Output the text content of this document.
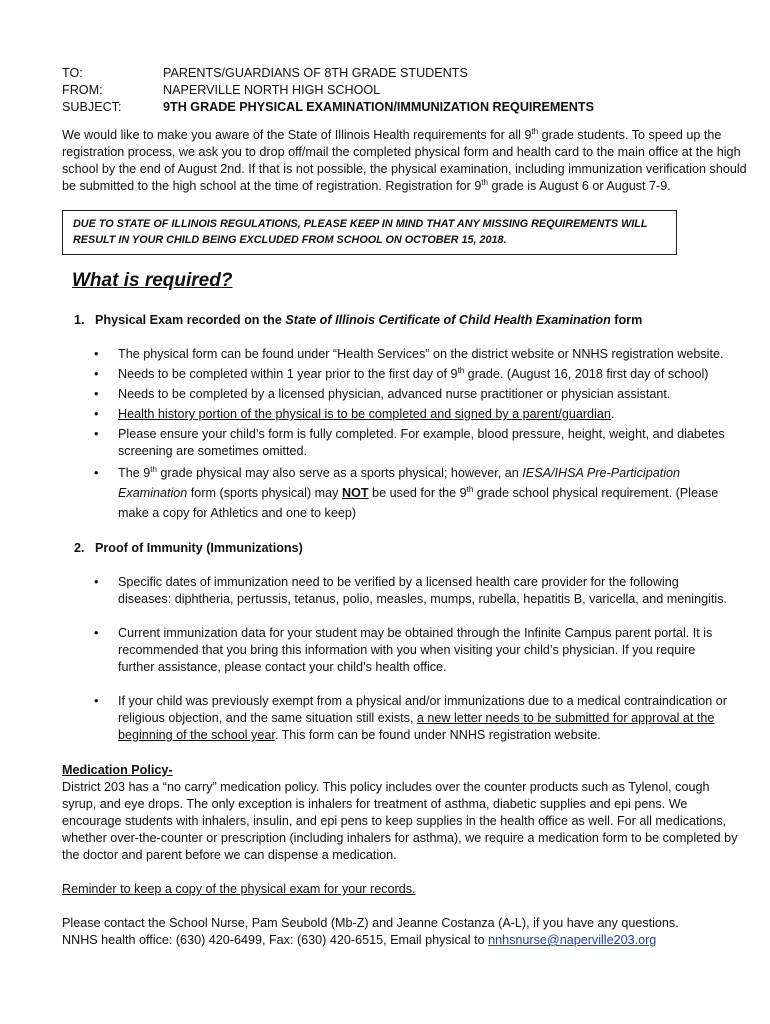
TO:	PARENTS/GUARDIANS OF 8TH GRADE STUDENTS
FROM:	NAPERVILLE NORTH HIGH SCHOOL
SUBJECT:	9TH GRADE PHYSICAL EXAMINATION/IMMUNIZATION REQUIREMENTS
We would like to make you aware of the State of Illinois Health requirements for all 9th grade students. To speed up the registration process, we ask you to drop off/mail the completed physical form and health card to the main office at the high school by the end of August 2nd. If that is not possible, the physical examination, including immunization verification should be submitted to the high school at the time of registration. Registration for 9th grade is August 6 or August 7-9.
DUE TO STATE OF ILLINOIS REGULATIONS, PLEASE KEEP IN MIND THAT ANY MISSING REQUIREMENTS WILL RESULT IN YOUR CHILD BEING EXCLUDED FROM SCHOOL ON OCTOBER 15, 2018.
What is required?
1. Physical Exam recorded on the State of Illinois Certificate of Child Health Examination form
• The physical form can be found under “Health Services” on the district website or NNHS registration website.
• Needs to be completed within 1 year prior to the first day of 9th grade. (August 16, 2018 first day of school)
• Needs to be completed by a licensed physician, advanced nurse practitioner or physician assistant.
• Health history portion of the physical is to be completed and signed by a parent/guardian.
• Please ensure your child’s form is fully completed. For example, blood pressure, height, weight, and diabetes screening are sometimes omitted.
• The 9th grade physical may also serve as a sports physical; however, an IESA/IHSA Pre-Participation Examination form (sports physical) may NOT be used for the 9th grade school physical requirement. (Please make a copy for Athletics and one to keep)
2. Proof of Immunity (Immunizations)
• Specific dates of immunization need to be verified by a licensed health care provider for the following diseases: diphtheria, pertussis, tetanus, polio, measles, mumps, rubella, hepatitis B, varicella, and meningitis.
• Current immunization data for your student may be obtained through the Infinite Campus parent portal. It is recommended that you bring this information with you when visiting your child’s physician. If you require further assistance, please contact your child’s health office.
• If your child was previously exempt from a physical and/or immunizations due to a medical contraindication or religious objection, and the same situation still exists, a new letter needs to be submitted for approval at the beginning of the school year. This form can be found under NNHS registration website.
Medication Policy-
District 203 has a “no carry” medication policy. This policy includes over the counter products such as Tylenol, cough syrup, and eye drops. The only exception is inhalers for treatment of asthma, diabetic supplies and epi pens. We encourage students with inhalers, insulin, and epi pens to keep supplies in the health office as well. For all medications, whether over-the-counter or prescription (including inhalers for asthma), we require a medication form to be completed by the doctor and parent before we can dispense a medication.
Reminder to keep a copy of the physical exam for your records.
Please contact the School Nurse, Pam Seubold (Mb-Z) and Jeanne Costanza (A-L), if you have any questions.
NNHS health office: (630) 420-6499, Fax: (630) 420-6515, Email physical to nnhsnurse@naperville203.org
